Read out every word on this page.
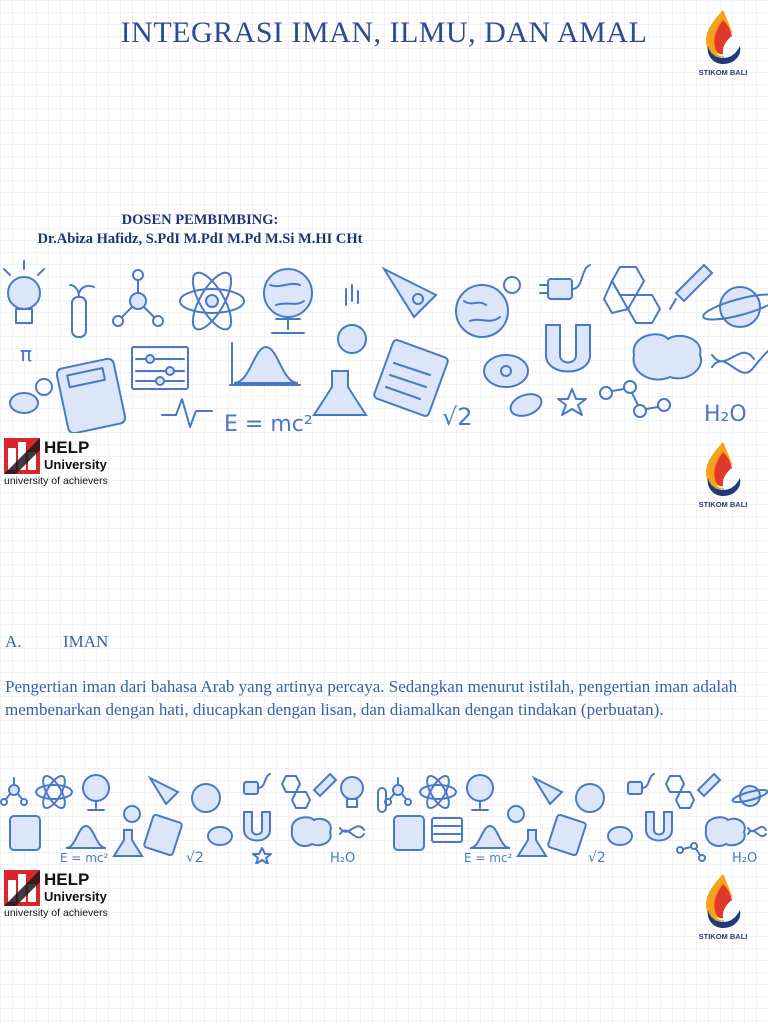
INTEGRASI IMAN, ILMU, DAN AMAL
STIKOM BALI
DOSEN PEMBIMBING:
Dr.Abiza Hafidz, S.PdI M.PdI M.Pd M.Si M.HI CHt
π
E = mc²	√2	H₂O
HELP
University
university of achievers
STIKOM BALI
A. IMAN
Pengertian iman dari bahasa Arab yang artinya percaya. Sedangkan menurut istilah, pengertian iman adalah membenarkan dengan hati, diucapkan dengan lisan, dan diamalkan dengan tindakan (perbuatan).
E = mc²	√2	H₂O	E = mc²	√2	H₂O
HELP
University
university of achievers
STIKOM BALI
